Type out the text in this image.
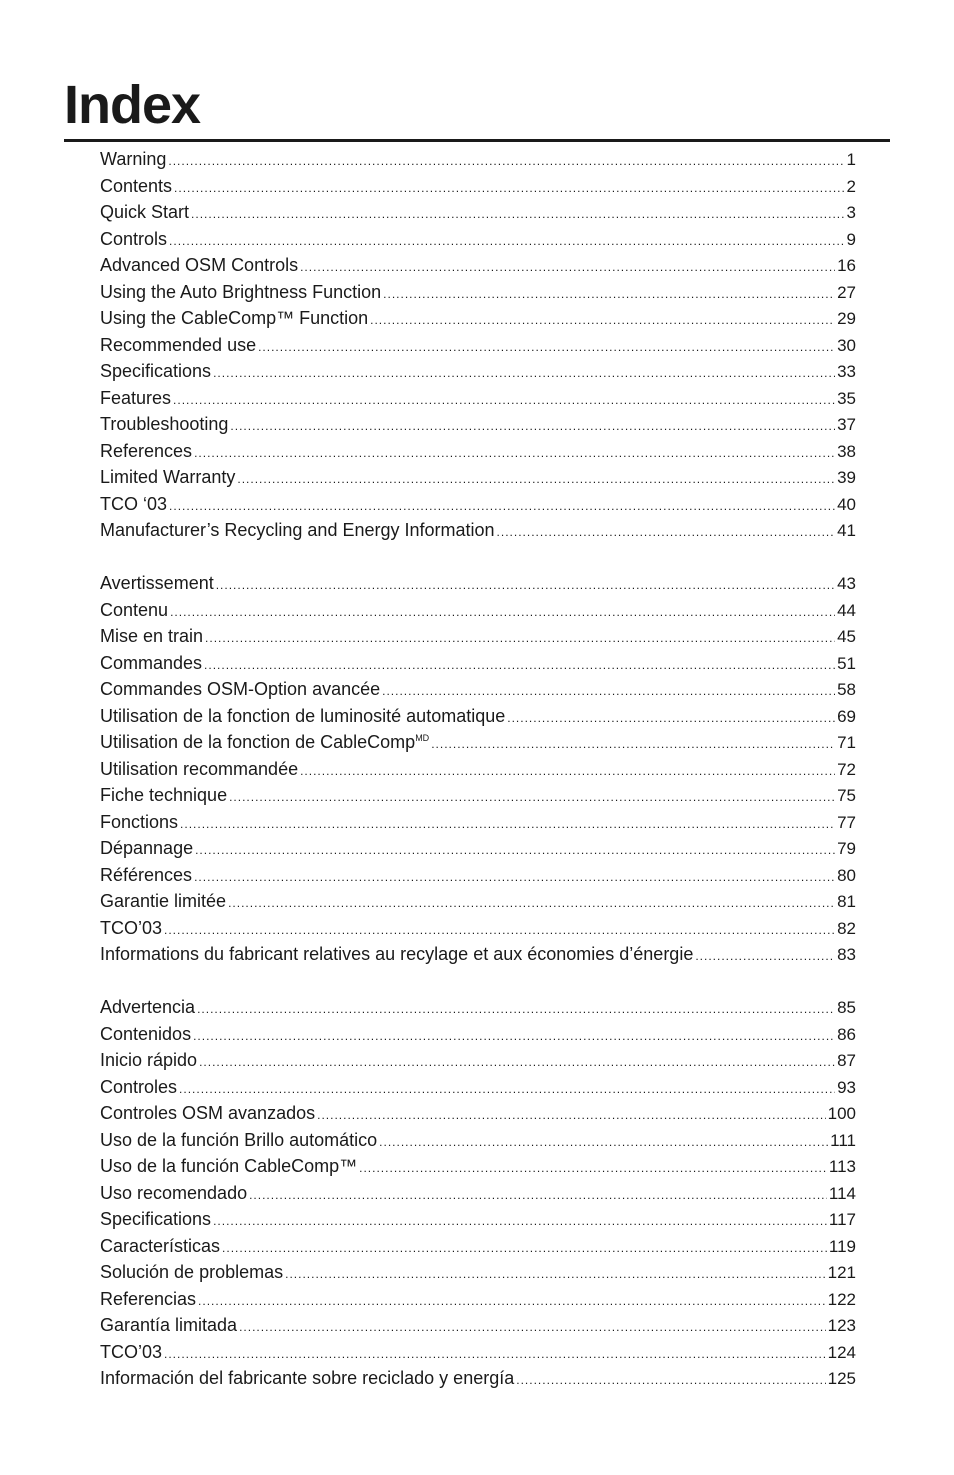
Index
Warning .....	1
Contents .....	2
Quick Start .....	3
Controls .....	9
Advanced OSM Controls .....	16
Using the Auto Brightness Function .....	27
Using the CableComp™ Function .....	29
Recommended use .....	30
Specifications .....	33
Features .....	35
Troubleshooting .....	37
References .....	38
Limited Warranty .....	39
TCO ‘03 .....	40
Manufacturer’s Recycling and Energy Information .....	41
Avertissement .....	43
Contenu .....	44
Mise en train .....	45
Commandes .....	51
Commandes OSM-Option avancée .....	58
Utilisation de la fonction de luminosité automatique .....	69
Utilisation de la fonction de CableComp$^{MD}$ .....	71
Utilisation recommandée .....	72
Fiche technique .....	75
Fonctions .....	77
Dépannage .....	79
Références .....	80
Garantie limitée .....	81
TCO’03 .....	82
Informations du fabricant relatives au recylage et aux économies d’énergie .....	83
Advertencia .....	85
Contenidos .....	86
Inicio rápido .....	87
Controles .....	93
Controles OSM avanzados .....	100
Uso de la función Brillo automático .....	111
Uso de la función CableComp™ .....	113
Uso recomendado .....	114
Specifications .....	117
Características .....	119
Solución de problemas .....	121
Referencias .....	122
Garantía limitada .....	123
TCO’03 .....	124
Información del fabricante sobre reciclado y energía .....	125
